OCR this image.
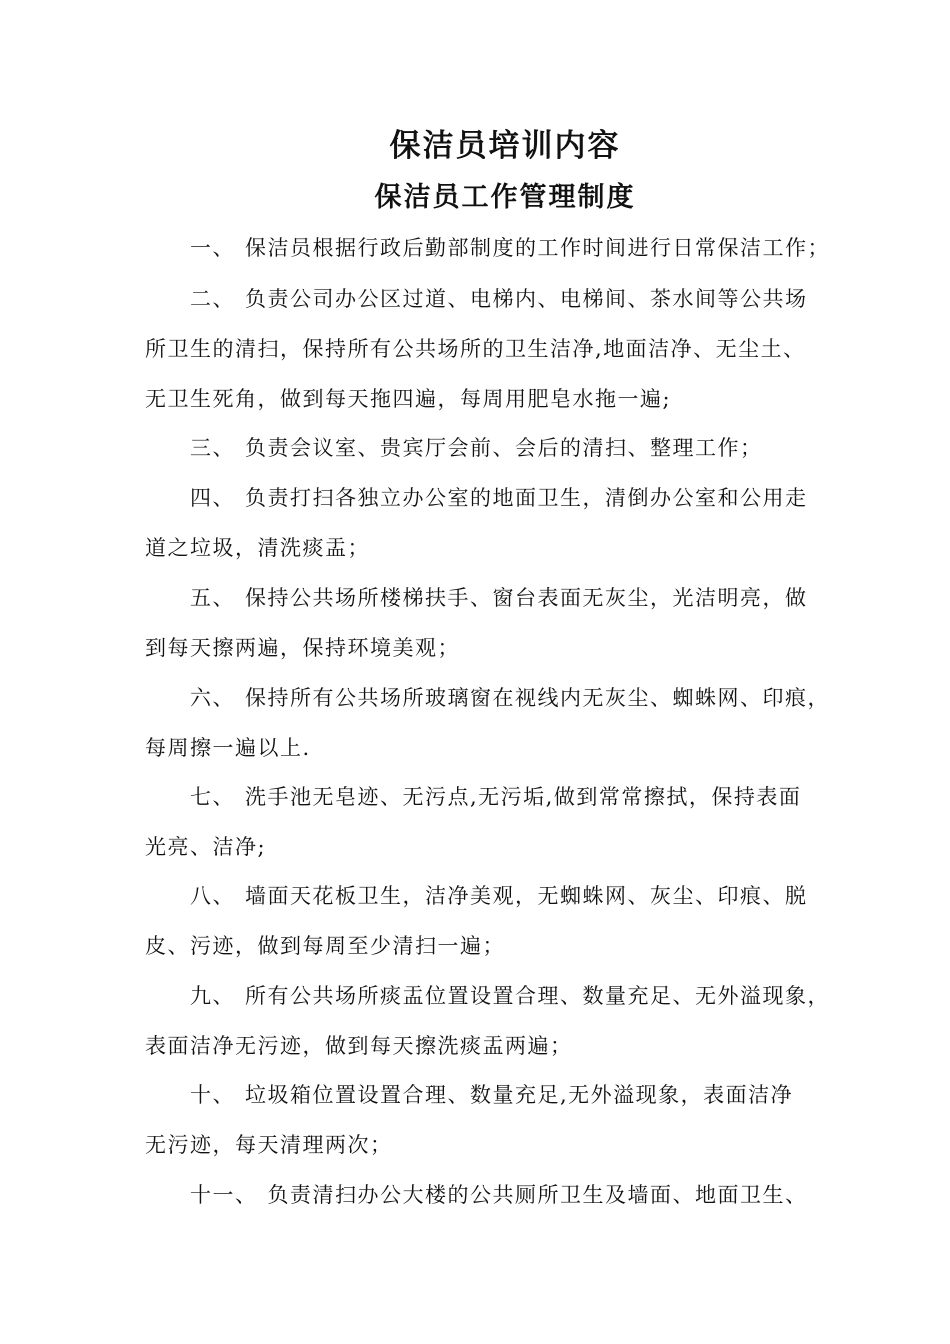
保洁员培训内容
保洁员工作管理制度
一、 保洁员根据行政后勤部制度的工作时间进行日常保洁工作；
二、 负责公司办公区过道、电梯内、电梯间、茶水间等公共场
所卫生的清扫，保持所有公共场所的卫生洁净,地面洁净、无尘土、
无卫生死角，做到每天拖四遍，每周用肥皂水拖一遍;
三、 负责会议室、贵宾厅会前、会后的清扫、整理工作；
四、 负责打扫各独立办公室的地面卫生，清倒办公室和公用走
道之垃圾，清洗痰盂；
五、 保持公共场所楼梯扶手、窗台表面无灰尘，光洁明亮，做
到每天擦两遍，保持环境美观；
六、 保持所有公共场所玻璃窗在视线内无灰尘、蜘蛛网、印痕，
每周擦一遍以上.
七、 洗手池无皂迹、无污点,无污垢,做到常常擦拭，保持表面
光亮、洁净;
八、 墙面天花板卫生，洁净美观，无蜘蛛网、灰尘、印痕、脱
皮、污迹，做到每周至少清扫一遍；
九、 所有公共场所痰盂位置设置合理、数量充足、无外溢现象，
表面洁净无污迹，做到每天擦洗痰盂两遍；
十、 垃圾箱位置设置合理、数量充足,无外溢现象，表面洁净
无污迹，每天清理两次；
十一、 负责清扫办公大楼的公共厕所卫生及墙面、地面卫生、
